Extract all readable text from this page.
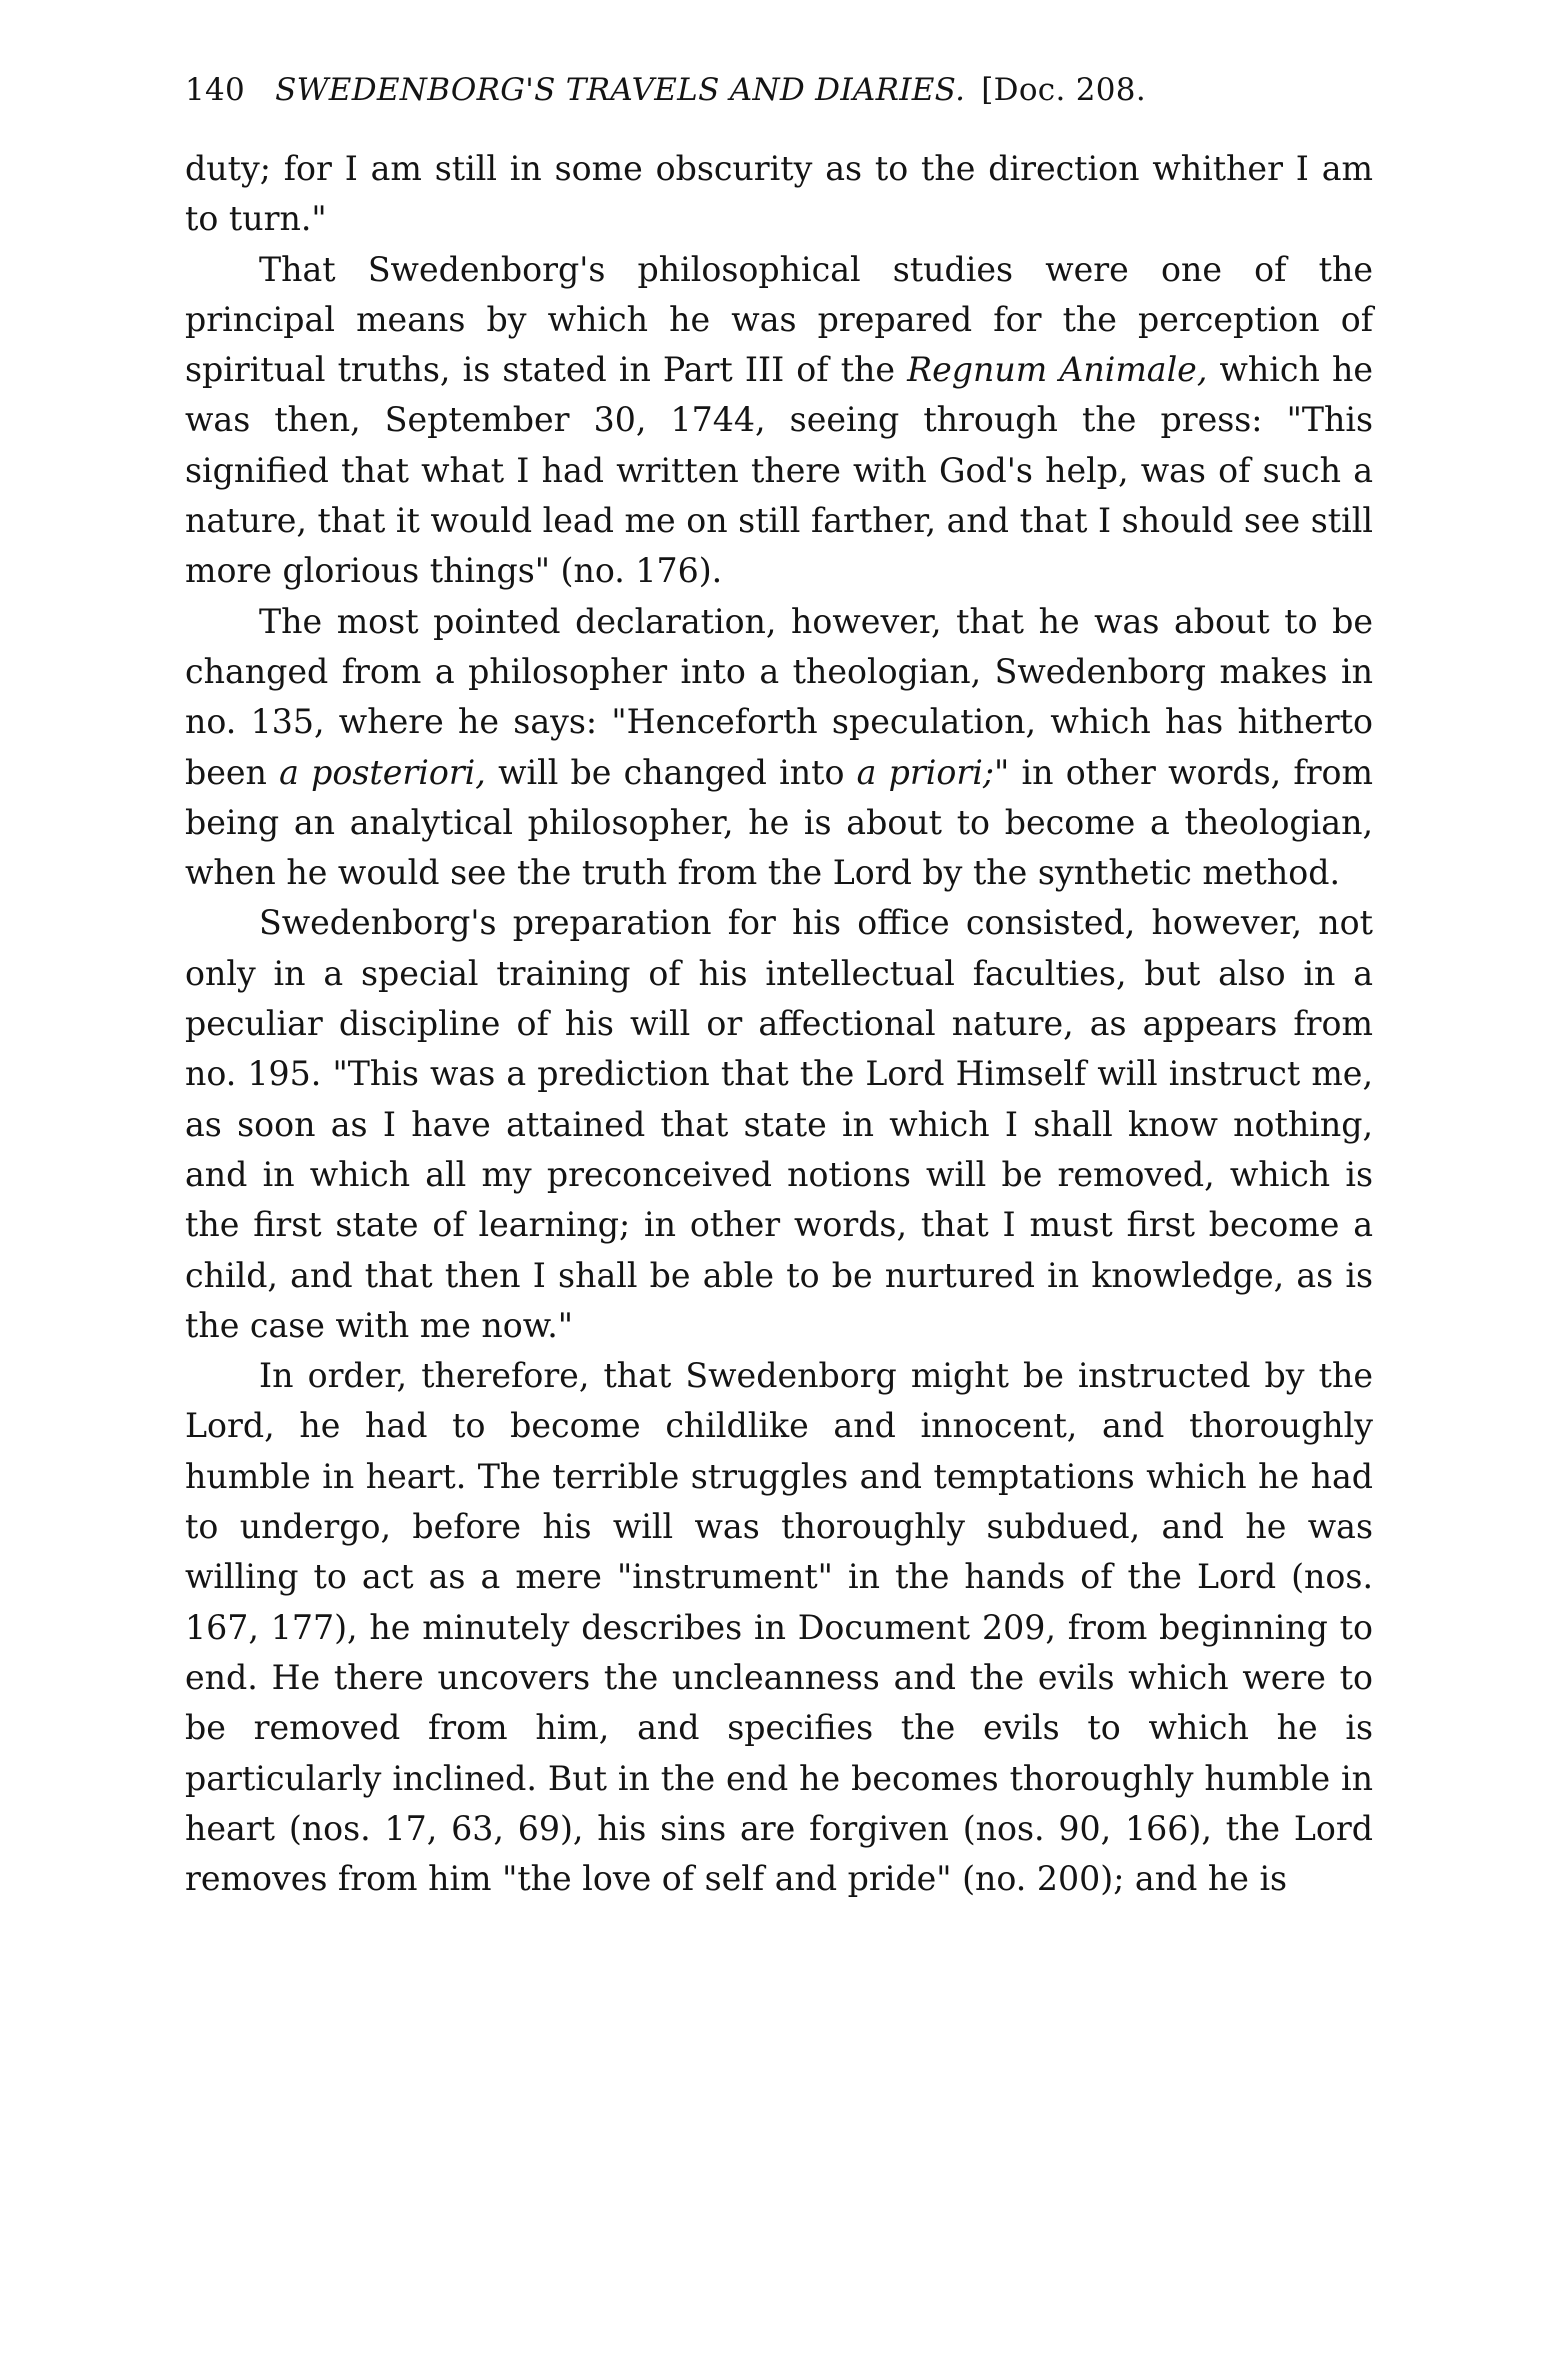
140 SWEDENBORG'S TRAVELS AND DIARIES. [Doc. 208.

duty; for I am still in some obscurity as to the direction whither I am to turn."

That Swedenborg's philosophical studies were one of the principal means by which he was prepared for the perception of spiritual truths, is stated in Part III of the Regnum Animale, which he was then, September 30, 1744, seeing through the press: "This signified that what I had written there with God's help, was of such a nature, that it would lead me on still farther, and that I should see still more glorious things" (no. 176).

The most pointed declaration, however, that he was about to be changed from a philosopher into a theologian, Swedenborg makes in no. 135, where he says: "Henceforth speculation, which has hitherto been a posteriori, will be changed into a priori;" in other words, from being an analytical philosopher, he is about to become a theologian, when he would see the truth from the Lord by the synthetic method.

Swedenborg's preparation for his office consisted, however, not only in a special training of his intellectual faculties, but also in a peculiar discipline of his will or affectional nature, as appears from no. 195. "This was a prediction that the Lord Himself will instruct me, as soon as I have attained that state in which I shall know nothing, and in which all my preconceived notions will be removed, which is the first state of learning; in other words, that I must first become a child, and that then I shall be able to be nurtured in knowledge, as is the case with me now."

In order, therefore, that Swedenborg might be instructed by the Lord, he had to become childlike and innocent, and thoroughly humble in heart. The terrible struggles and temptations which he had to undergo, before his will was thoroughly subdued, and he was willing to act as a mere "instrument" in the hands of the Lord (nos. 167, 177), he minutely describes in Document 209, from beginning to end. He there uncovers the uncleanness and the evils which were to be removed from him, and specifies the evils to which he is particularly inclined. But in the end he becomes thoroughly humble in heart (nos. 17, 63, 69), his sins are forgiven (nos. 90, 166), the Lord removes from him "the love of self and pride" (no. 200); and he is
